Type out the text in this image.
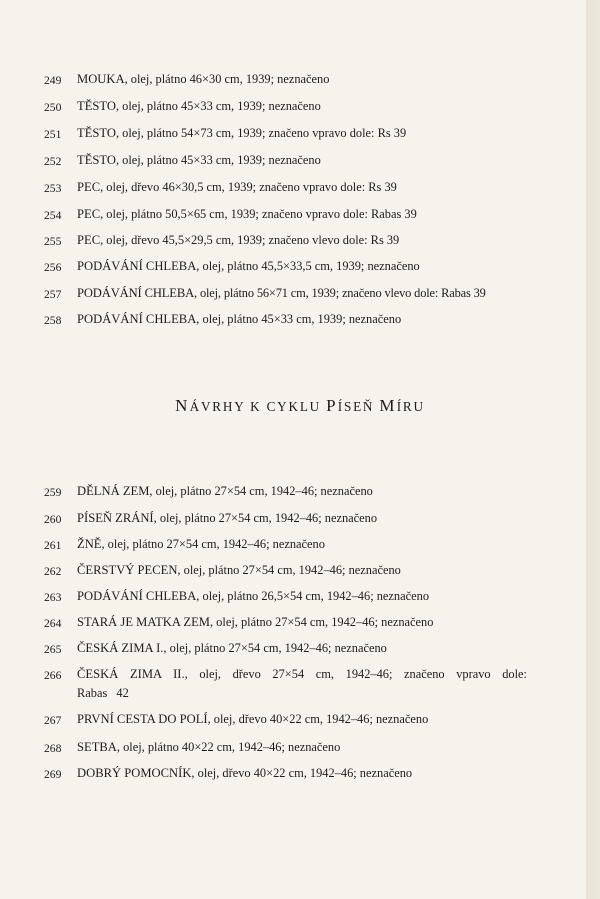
249	MOUKA, olej, plátno 46×30 cm, 1939; neznačeno
250	TĚSTO, olej, plátno 45×33 cm, 1939; neznačeno
251	TĚSTO, olej, plátno 54×73 cm, 1939; značeno vpravo dole: Rs 39
252	TĚSTO, olej, plátno 45×33 cm, 1939; neznačeno
253	PEC, olej, dřevo 46×30,5 cm, 1939; značeno vpravo dole: Rs 39
254	PEC, olej, plátno 50,5×65 cm, 1939; značeno vpravo dole: Rabas 39
255	PEC, olej, dřevo 45,5×29,5 cm, 1939; značeno vlevo dole: Rs 39
256	PODÁVÁNÍ CHLEBA, olej, plátno 45,5×33,5 cm, 1939; neznačeno
257	PODÁVÁNÍ CHLEBA, olej, plátno 56×71 cm, 1939; značeno vlevo dole: Rabas 39
258	PODÁVÁNÍ CHLEBA, olej, plátno 45×33 cm, 1939; neznačeno
NÁVRHY K CYKLU PÍSEŇ MÍRU
259	DĚLNÁ ZEM, olej, plátno 27×54 cm, 1942–46; neznačeno
260	PÍSEŇ ZRÁNÍ, olej, plátno 27×54 cm, 1942–46; neznačeno
261	ŽNĚ, olej, plátno 27×54 cm, 1942–46; neznačeno
262	ČERSTVÝ PECEN, olej, plátno 27×54 cm, 1942–46; neznačeno
263	PODÁVÁNÍ CHLEBA, olej, plátno 26,5×54 cm, 1942–46; neznačeno
264	STARÁ JE MATKA ZEM, olej, plátno 27×54 cm, 1942–46; neznačeno
265	ČESKÁ ZIMA I., olej, plátno 27×54 cm, 1942–46; neznačeno
266	ČESKÁ ZIMA II., olej, dřevo 27×54 cm, 1942–46; značeno vpravo dole: Rabas 42
267	PRVNÍ CESTA DO POLÍ, olej, dřevo 40×22 cm, 1942–46; neznačeno
268	SETBA, olej, plátno 40×22 cm, 1942–46; neznačeno
269	DOBRÝ POMOCNÍK, olej, dřevo 40×22 cm, 1942–46; neznačeno
